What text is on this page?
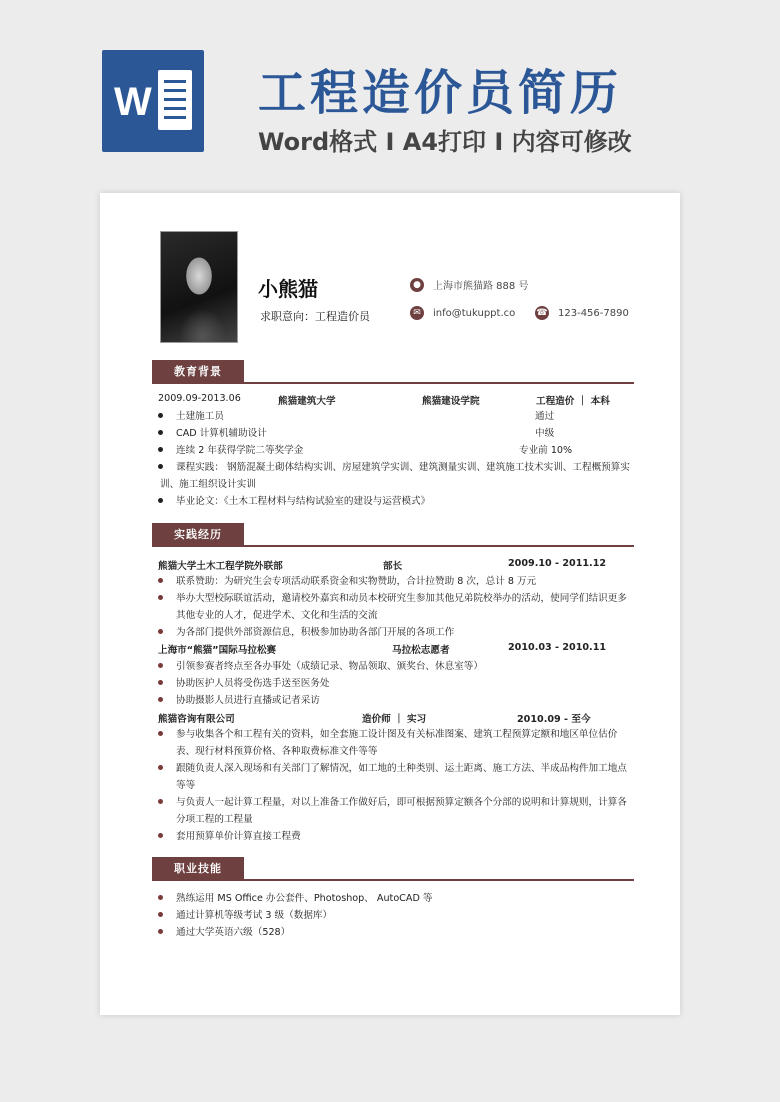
W 工程造价员简历
Word格式 I A4打印 I 内容可修改
小熊猫
求职意向：工程造价员
●	上海市熊猫路 888 号
✉	info@tukuppt.co ☎ 123-456-7890
教育背景
2009.09-2013.06	熊猫建筑大学	熊猫建设学院	工程造价 ｜ 本科
土建施工员	通过
CAD 计算机辅助设计	中级
连续 2 年获得学院二等奖学金	专业前 10%
课程实践： 钢筋混凝土砌体结构实训、房屋建筑学实训、建筑测量实训、建筑施工技术实训、工程概预算实训、施工组织设计实训
毕业论文：《土木工程材料与结构试验室的建设与运营模式》
实践经历
熊猫大学土木工程学院外联部	部长	2009.10 - 2011.12
联系赞助：为研究生会专项活动联系资金和实物赞助，合计拉赞助 8 次，总计 8 万元
举办大型校际联谊活动，邀请校外嘉宾和动员本校研究生参加其他兄弟院校举办的活动，使同学们结识更多其他专业的人才，促进学术、文化和生活的交流
为各部门提供外部资源信息，积极参加协助各部门开展的各项工作
上海市“熊猫”国际马拉松赛	马拉松志愿者	2010.03 - 2010.11
引领参赛者终点至各办事处（成绩记录、物品领取、颁奖台、休息室等）
协助医护人员将受伤选手送至医务处
协助摄影人员进行直播或记者采访
熊猫咨询有限公司	造价师 ｜ 实习	2010.09 - 至今
参与收集各个和工程有关的资料，如全套施工设计图及有关标准图案、建筑工程预算定额和地区单位估价表、现行材料预算价格、各种取费标准文件等等
跟随负责人深入现场和有关部门了解情况，如工地的土种类别、运土距离、施工方法、半成品构件加工地点等等
与负责人一起计算工程量，对以上准备工作做好后，即可根据预算定额各个分部的说明和计算规则，计算各分项工程的工程量
套用预算单价计算直接工程费
职业技能
熟练运用 MS Office 办公套件、Photoshop、 AutoCAD 等
通过计算机等级考试 3 级（数据库）
通过大学英语六级（528）
